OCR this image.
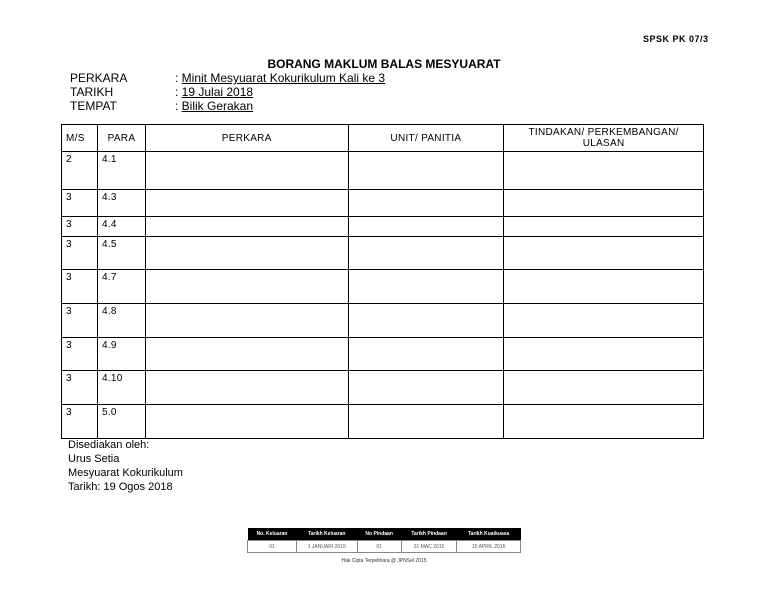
SPSK PK 07/3
BORANG MAKLUM BALAS MESYUARAT
PERKARA	: Minit Mesyuarat Kokurikulum Kali ke 3
TARIKH	: 19 Julai 2018
TEMPAT	: Bilik Gerakan
M/S	PARA	PERKARA	UNIT/ PANITIA	TINDAKAN/ PERKEMBANGAN/ ULASAN
2	4.1			
3	4.3			
3	4.4			
3	4.5			
3	4.7			
3	4.8			
3	4.9			
3	4.10			
3	5.0			
Disediakan oleh:
Urus Setia
Mesyuarat Kokurikulum
Tarikh: 19 Ogos 2018
No. Keluaran	Tarikh Keluaran	No Pindaan	Tarikh Pindaan	Tarikh Kuatkuasa
01	1 JANUARI 2015	01	31 MAC 2015	15 APRIL 2015
Hak Cipta Terpelihara @ JPNSel 2015
